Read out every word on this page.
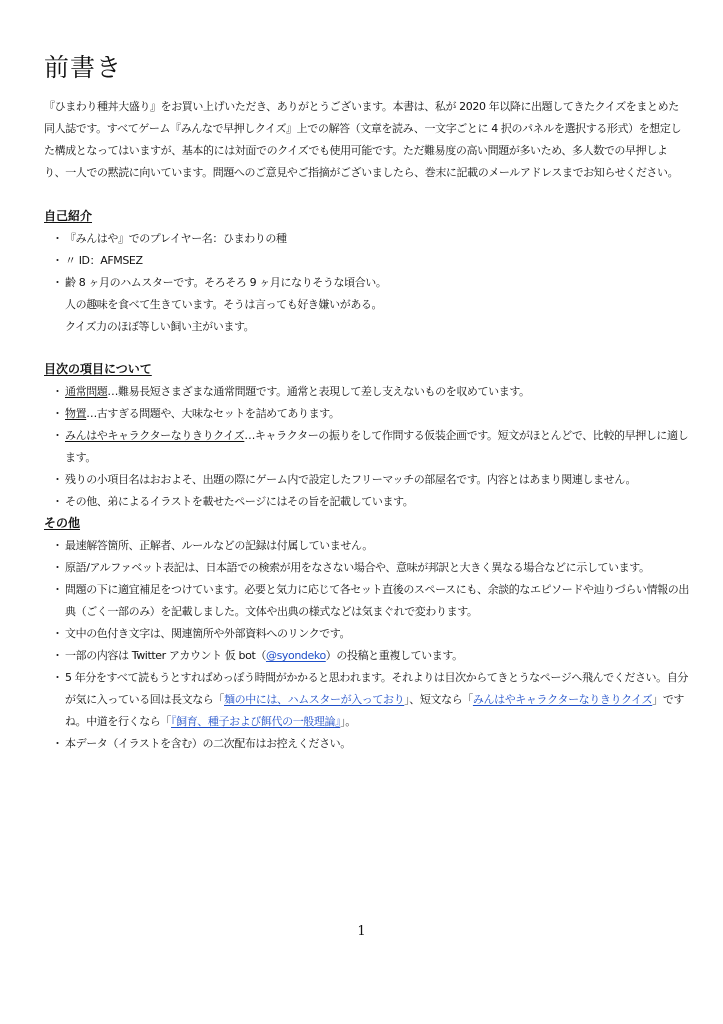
前書き

『ひまわり種丼大盛り』をお買い上げいただき、ありがとうございます。本書は、私が 2020 年以降に出題してきたクイズをまとめた同人誌です。すべてゲーム『みんなで早押しクイズ』上での解答（文章を読み、一文字ごとに 4 択のパネルを選択する形式）を想定した構成となってはいますが、基本的には対面でのクイズでも使用可能です。ただ難易度の高い問題が多いため、多人数での早押しより、一人での黙読に向いています。問題へのご意見やご指摘がございましたら、巻末に記載のメールアドレスまでお知らせください。

自己紹介
・ 『みんはや』でのプレイヤー名：ひまわりの種
・ 〃 ID：AFMSEZ
・ 齢 8 ヶ月のハムスターです。そろそろ 9 ヶ月になりそうな頃合い。
人の趣味を食べて生きています。そうは言っても好き嫌いがある。
クイズ力のほぼ等しい飼い主がいます。
目次の項目について
・ 通常問題…難易長短さまざまな通常問題です。通常と表現して差し支えないものを収めています。
・ 物置…古すぎる問題や、大味なセットを詰めてあります。
・ みんはやキャラクターなりきりクイズ…キャラクターの振りをして作問する仮装企画です。短文がほとんどで、比較的早押しに適します。
・ 残りの小項目名はおおよそ、出題の際にゲーム内で設定したフリーマッチの部屋名です。内容とはあまり関連しません。
・ その他、弟によるイラストを載せたページにはその旨を記載しています。
その他
・ 最速解答箇所、正解者、ルールなどの記録は付属していません。
・ 原語/アルファベット表記は、日本語での検索が用をなさない場合や、意味が邦訳と大きく異なる場合などに示しています。
・ 問題の下に適宜補足をつけています。必要と気力に応じて各セット直後のスペースにも、余談的なエピソードや辿りづらい情報の出典（ごく一部のみ）を記載しました。文体や出典の様式などは気まぐれで変わります。
・ 文中の色付き文字は、関連箇所や外部資料へのリンクです。
・ 一部の内容は Twitter アカウント 仮 bot（@syondeko）の投稿と重複しています。
・ 5 年分をすべて読もうとすればめっぽう時間がかかると思われます。それよりは目次からてきとうなページへ飛んでください。自分が気に入っている回は長文なら「麺の中には、ハムスターが入っており」、短文なら「みんはやキャラクターなりきりクイズ」ですね。中道を行くなら「『飼育、種子および餌代の一般理論』」。
・ 本データ（イラストを含む）の二次配布はお控えください。
1
